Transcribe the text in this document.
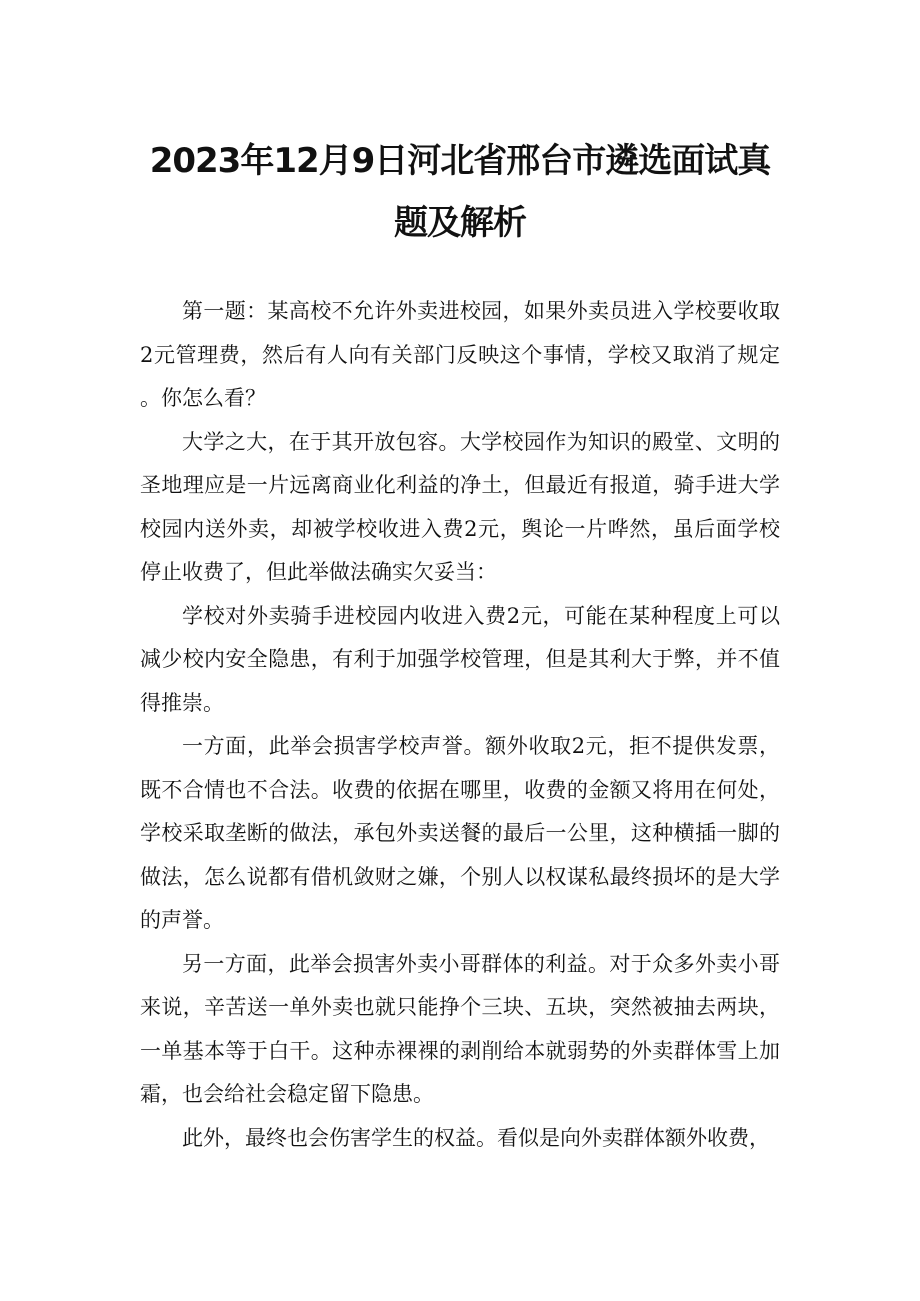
2023年12月9日河北省邢台市遴选面试真
题及解析

第一题：某高校不允许外卖进校园，如果外卖员进入学校要收取2元管理费，然后有人向有关部门反映这个事情，学校又取消了规定。你怎么看？

大学之大，在于其开放包容。大学校园作为知识的殿堂、文明的圣地理应是一片远离商业化利益的净土，但最近有报道，骑手进大学校园内送外卖，却被学校收进入费2元，舆论一片哗然，虽后面学校停止收费了，但此举做法确实欠妥当：

学校对外卖骑手进校园内收进入费2元，可能在某种程度上可以减少校内安全隐患，有利于加强学校管理，但是其利大于弊，并不值得推崇。

一方面，此举会损害学校声誉。额外收取2元，拒不提供发票，既不合情也不合法。收费的依据在哪里，收费的金额又将用在何处，学校采取垄断的做法，承包外卖送餐的最后一公里，这种横插一脚的做法，怎么说都有借机敛财之嫌，个别人以权谋私最终损坏的是大学的声誉。

另一方面，此举会损害外卖小哥群体的利益。对于众多外卖小哥来说，辛苦送一单外卖也就只能挣个三块、五块，突然被抽去两块，一单基本等于白干。这种赤裸裸的剥削给本就弱势的外卖群体雪上加霜，也会给社会稳定留下隐患。

此外，最终也会伤害学生的权益。看似是向外卖群体额外收费，
